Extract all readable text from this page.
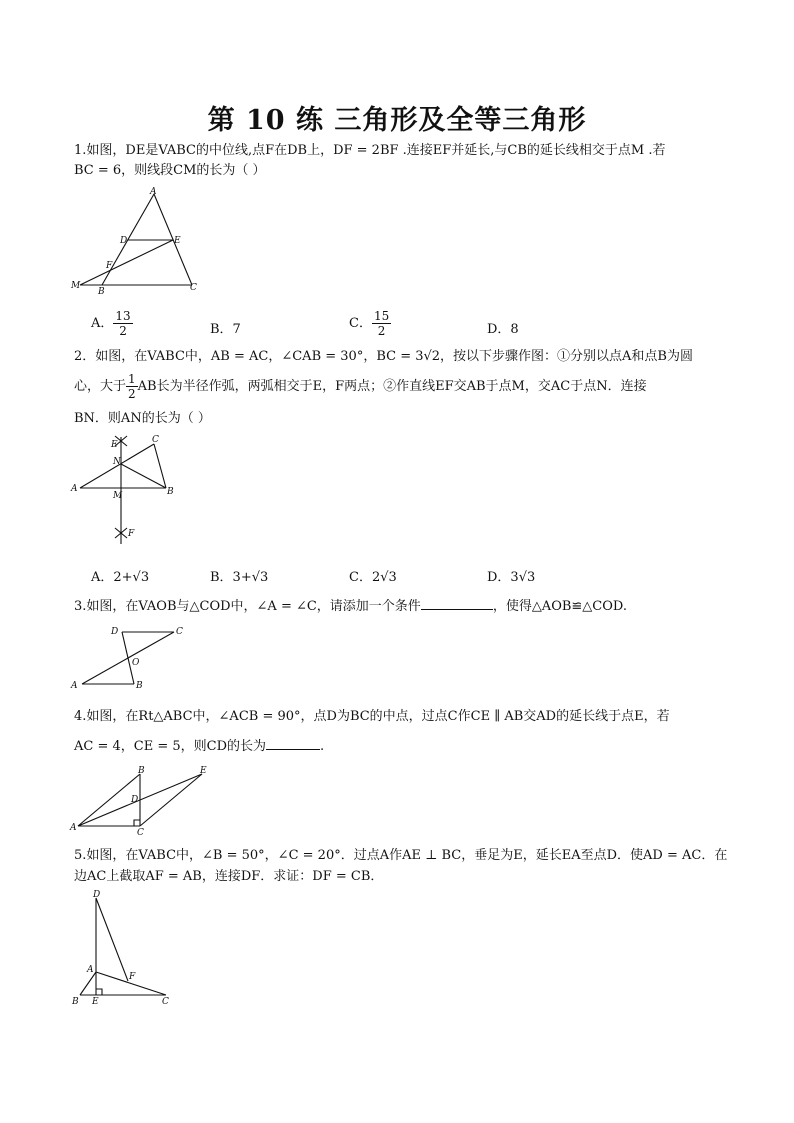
第 10 练 三角形及全等三角形
1.如图，DE是VABC的中位线,点F在DB上，DF = 2BF .连接EF并延长,与CB的延长线相交于点M .若
BC = 6，则线段CM的长为（ ）
A
D	E
F
M
B	C
A． $\frac{13}{2}$	B．7	C． $\frac{15}{2}$	D．8
2．如图，在VABC中，AB = AC，∠CAB = 30°，BC = 3√2，按以下步骤作图：①分别以点A和点B为圆
心，大于 $\frac{1}{2}$ AB长为半径作弧，两弧相交于E，F两点；②作直线EF交AB于点M，交AC于点N．连接
BN．则AN的长为（ ）
E	C
N
A
M	B
F
A．2+√3	B．3+√3	C．2√3	D．3√3
3.如图，在VAOB与△COD中，∠A = ∠C，请添加一个条件	，使得△AOB≌△COD.
D	C
O
A	B
4.如图，在Rt△ABC中，∠ACB = 90°，点D为BC的中点，过点C作CE ∥ AB交AD的延长线于点E，若
AC = 4，CE = 5，则CD的长为	.
B	E
D
A	C
5.如图，在VABC中，∠B = 50°，∠C = 20°．过点A作AE ⊥ BC，垂足为E，延长EA至点D．使AD = AC．在
边AC上截取AF = AB，连接DF．求证：DF = CB．
D
A
F
B E	C
